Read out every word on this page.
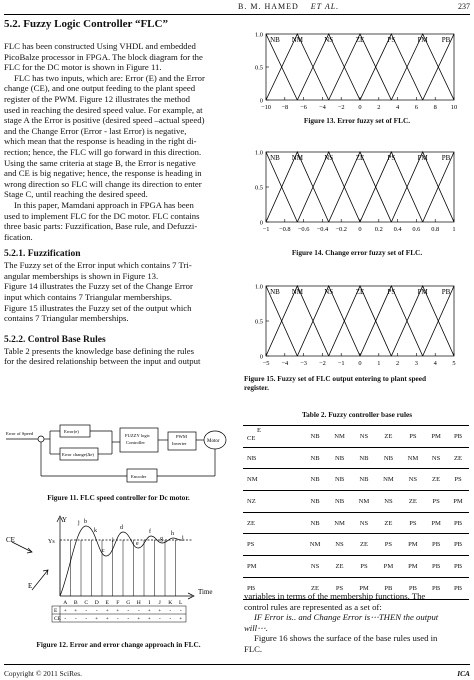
B. M. HAMED ET AL.	237
5.2. Fuzzy Logic Controller “FLC”

FLC has been constructed Using VHDL and embedded
PicoBalze processor in FPGA. The block diagram for the
FLC for the DC motor is shown in Figure 11.

FLC has two inputs, which are: Error (E) and the Error
change (CE), and one output feeding to the plant speed
register of the PWM. Figure 12 illustrates the method
used in reaching the desired speed value. For example, at
stage A the Error is positive (desired speed –actual speed)
and the Change Error (Error - last Error) is negative,
which mean that the response is heading in the right di-
rection; hence, the FLC will go forward in this direction.
Using the same criteria at stage B, the Error is negative
and CE is big negative; hence, the response is heading in
wrong direction so FLC will change its direction to enter
Stage C, until reaching the desired speed.

In this paper, Mamdani approach in FPGA has been
used to implement FLC for the DC motor. FLC contains
three basic parts: Fuzzification, Base rule, and Defuzzi-
fication.

5.2.1. Fuzzification

The Fuzzy set of the Error input which contains 7 Tri-
angular memberships is shown in Figure 13.
Figure 14 illustrates the Fuzzy set of the Change Error
input which contains 7 Triangular memberships.
Figure 15 illustrates the Fuzzy set of the output which
contains 7 Triangular memberships.

5.2.2. Control Base Rules

Table 2 presents the knowledge base defining the rules
for the desired relationship between the input and output

Error of Speed	Error(e)
Error change(Δe)
FUZZY logic
Controller
PWM
Inverter	Motor
Encoder
Figure 11. FLC speed controller for Dc motor.
Y
Ys
CE
E
Time
b
c
d
e
f
g
h
i
j
k
l
A B C D E F G H I J K L
E
CE
+ + - - + + - - + + - -
- - - + + - - + + - - +
Figure 12. Error and error change approach in FLC.
1.0
0.5
0
−10 −8 −6 −4 −2 0 2 4 6 8 10
NB NM	NS	ZE	PS	PM PB
Figure 13. Error fuzzy set of FLC.
1.0
0.5
0
−1 −0.8 −0.6 −0.4 −0.2 0 0.2 0.4 0.6 0.8 1
NB NM	NS	ZE	PS	PM PB
Figure 14. Change error fuzzy set of FLC.
1.0
0.5
0
−5 −4 −3 −2 −1 0 1 2 3 4 5
NB NM	NS	ZE	PS	PM PB
Figure 15. Fuzzy set of FLC output entering to plant speed
register.
Table 2. Fuzzy controller base rules
E
CE	NB	NM	NS	ZE	PS	PM	PB
NB	NB	NB	NB	NB	NM	NS	ZE
NM	NB	NB	NB	NM	NS	ZE	PS
NZ	NB	NB	NM	NS	ZE	PS	PM
ZE	NB	NM	NS	ZE	PS	PM	PB
PS	NM	NS	ZE	PS	PM	PB	PB
PM	NS	ZE	PS	PM	PM	PB	PB
PB	ZE	PS	PM	PB	PB	PB	PB

variables in terms of the membership functions. The
control rules are represented as a set of:
IF Error is.. and Change Error is⋯THEN the output
will⋯.
Figure 16 shows the surface of the base rules used in
FLC.

Copyright © 2011 SciRes.	ICA
